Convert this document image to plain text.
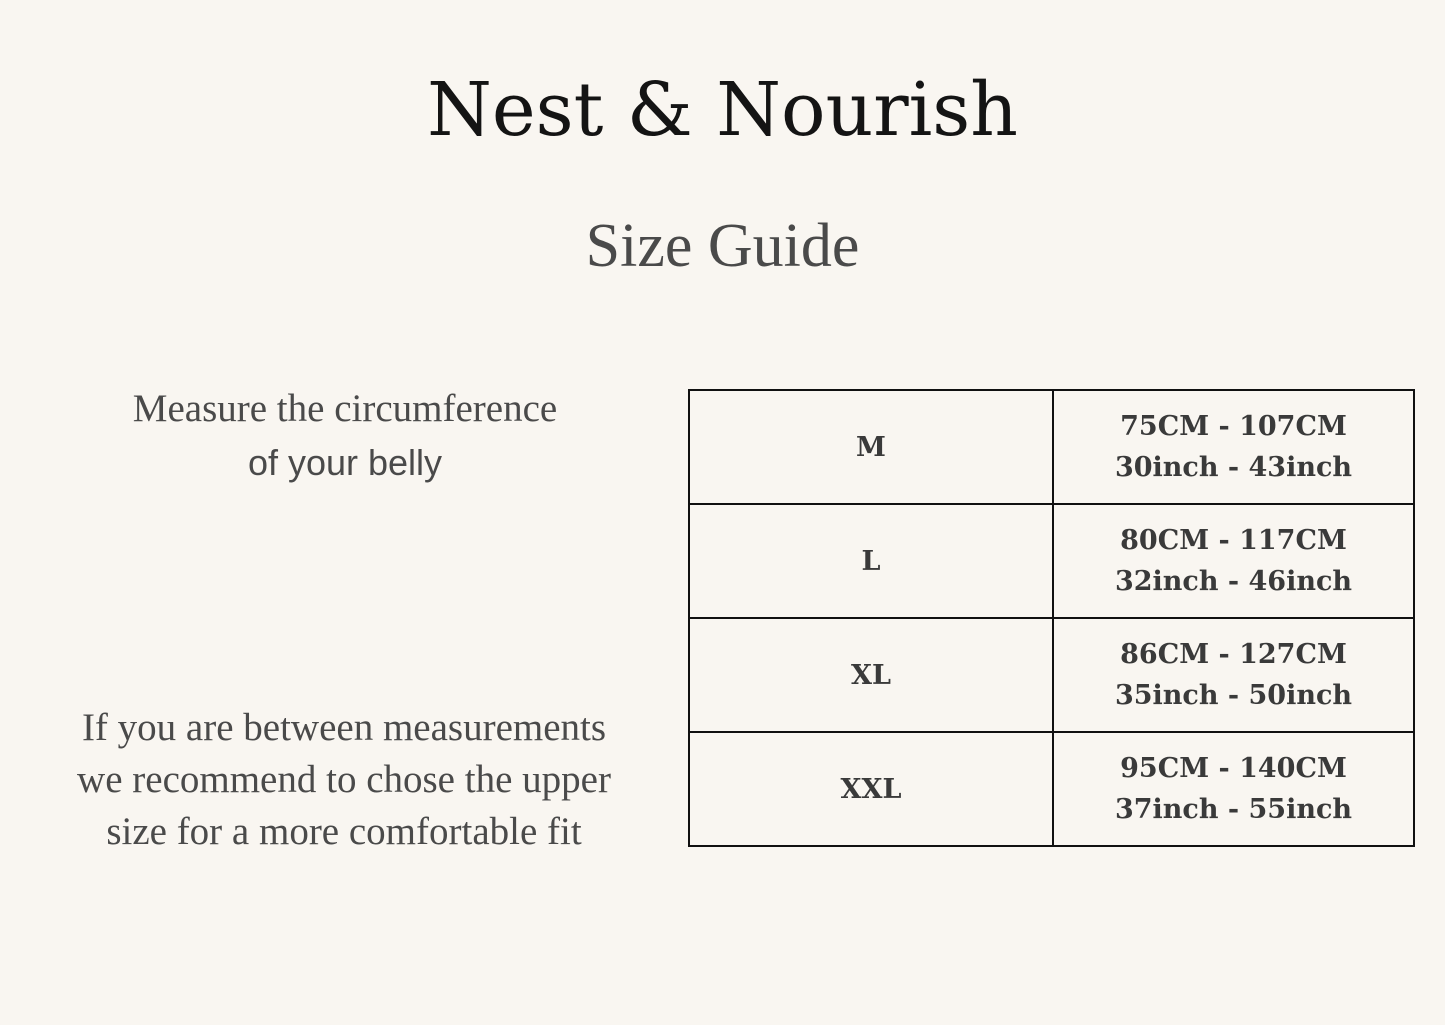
Nest & Nourish
Size Guide
Measure the circumference
of your belly
If you are between measurements
we recommend to chose the upper
size for a more comfortable fit
M	75CM - 107CM
30inch - 43inch

L	80CM - 117CM
32inch - 46inch

XL	86CM - 127CM
35inch - 50inch

XXL	95CM - 140CM
37inch - 55inch
